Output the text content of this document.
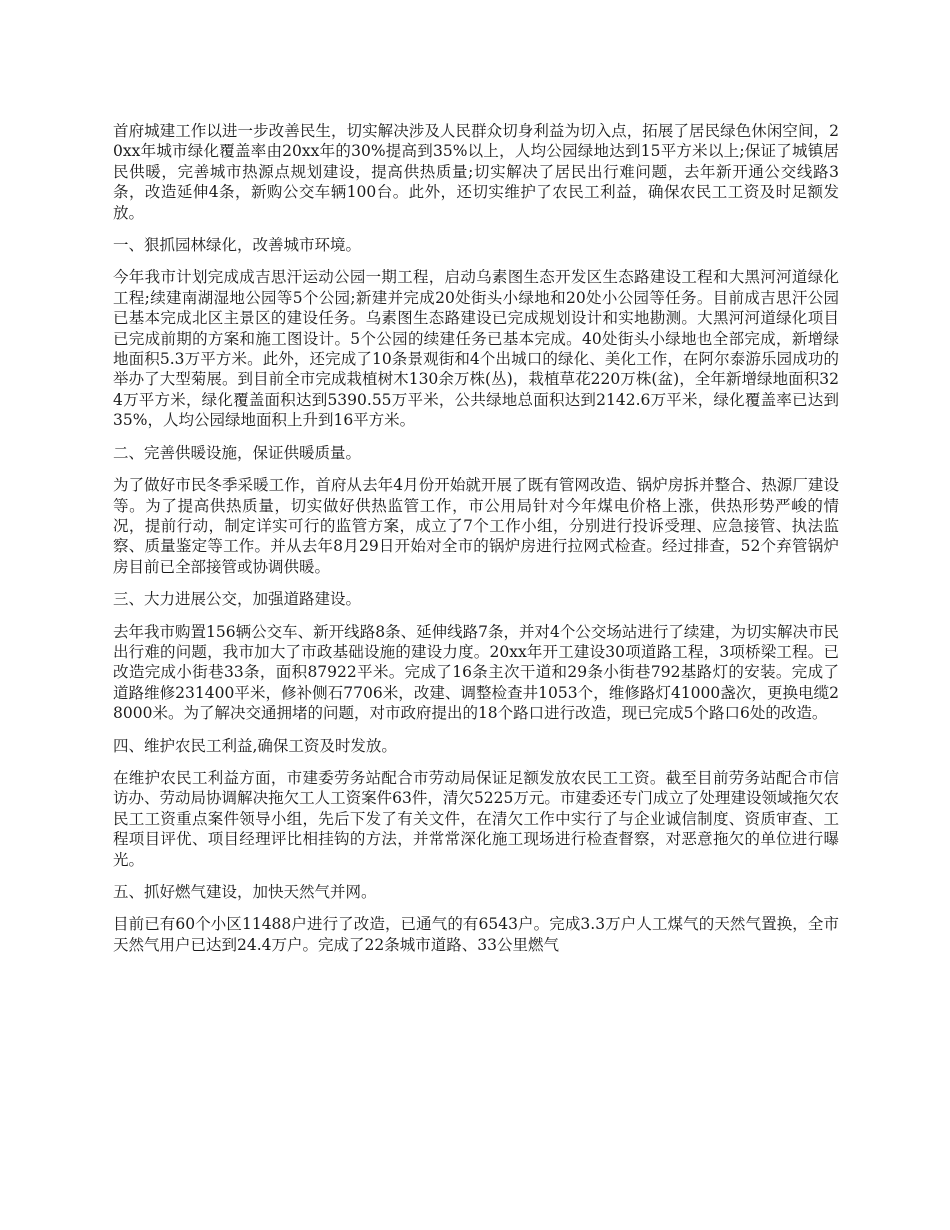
首府城建工作以进一步改善民生，切实解决涉及人民群众切身利益为切入点，拓展了居民绿色休闲空间，20xx年城市绿化覆盖率由20xx年的30%提高到35%以上，人均公园绿地达到15平方米以上;保证了城镇居民供暖，完善城市热源点规划建设，提高供热质量;切实解决了居民出行难问题，去年新开通公交线路3条，改造延伸4条，新购公交车辆100台。此外，还切实维护了农民工利益，确保农民工工资及时足额发放。

一、狠抓园林绿化，改善城市环境。

今年我市计划完成成吉思汗运动公园一期工程，启动乌素图生态开发区生态路建设工程和大黑河河道绿化工程;续建南湖湿地公园等5个公园;新建并完成20处街头小绿地和20处小公园等任务。目前成吉思汗公园已基本完成北区主景区的建设任务。乌素图生态路建设已完成规划设计和实地勘测。大黑河河道绿化项目已完成前期的方案和施工图设计。5个公园的续建任务已基本完成。40处街头小绿地也全部完成，新增绿地面积5.3万平方米。此外，还完成了10条景观街和4个出城口的绿化、美化工作，在阿尔泰游乐园成功的举办了大型菊展。到目前全市完成栽植树木130余万株(丛)，栽植草花220万株(盆)，全年新增绿地面积324万平方米，绿化覆盖面积达到5390.55万平米，公共绿地总面积达到2142.6万平米，绿化覆盖率已达到35%，人均公园绿地面积上升到16平方米。

二、完善供暖设施，保证供暖质量。

为了做好市民冬季采暖工作，首府从去年4月份开始就开展了既有管网改造、锅炉房拆并整合、热源厂建设等。为了提高供热质量，切实做好供热监管工作，市公用局针对今年煤电价格上涨，供热形势严峻的情况，提前行动，制定详实可行的监管方案，成立了7个工作小组，分别进行投诉受理、应急接管、执法监察、质量鉴定等工作。并从去年8月29日开始对全市的锅炉房进行拉网式检查。经过排查，52个弃管锅炉房目前已全部接管或协调供暖。

三、大力进展公交，加强道路建设。

去年我市购置156辆公交车、新开线路8条、延伸线路7条，并对4个公交场站进行了续建，为切实解决市民出行难的问题，我市加大了市政基础设施的建设力度。20xx年开工建设30项道路工程，3项桥梁工程。已改造完成小街巷33条，面积87922平米。完成了16条主次干道和29条小街巷792基路灯的安装。完成了道路维修231400平米，修补侧石7706米，改建、调整检查井1053个，维修路灯41000盏次，更换电缆28000米。为了解决交通拥堵的问题，对市政府提出的18个路口进行改造，现已完成5个路口6处的改造。

四、维护农民工利益,确保工资及时发放。

在维护农民工利益方面，市建委劳务站配合市劳动局保证足额发放农民工工资。截至目前劳务站配合市信访办、劳动局协调解决拖欠工人工资案件63件，清欠5225万元。市建委还专门成立了处理建设领域拖欠农民工工资重点案件领导小组，先后下发了有关文件，在清欠工作中实行了与企业诚信制度、资质审查、工程项目评优、项目经理评比相挂钩的方法，并常常深化施工现场进行检查督察，对恶意拖欠的单位进行曝光。

五、抓好燃气建设，加快天然气并网。

目前已有60个小区11488户进行了改造，已通气的有6543户。完成3.3万户人工煤气的天然气置换，全市天然气用户已达到24.4万户。完成了22条城市道路、33公里燃气
